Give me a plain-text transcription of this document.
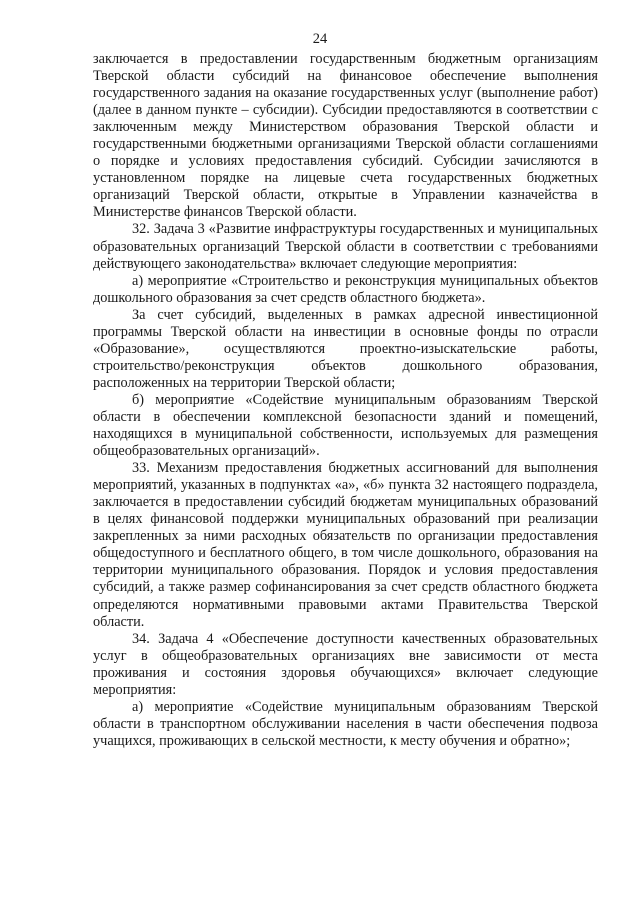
24

заключается в предоставлении государственным бюджетным организациям Тверской области субсидий на финансовое обеспечение выполнения государственного задания на оказание государственных услуг (выполнение работ) (далее в данном пункте – субсидии). Субсидии предоставляются в соответствии с заключенным между Министерством образования Тверской области и государственными бюджетными организациями Тверской области соглашениями о порядке и условиях предоставления субсидий. Субсидии зачисляются в установленном порядке на лицевые счета государственных бюджетных организаций Тверской области, открытые в Управлении казначейства в Министерстве финансов Тверской области.

32. Задача 3 «Развитие инфраструктуры государственных и муниципальных образовательных организаций Тверской области в соответствии с требованиями действующего законодательства» включает следующие мероприятия:

а) мероприятие «Строительство и реконструкция муниципальных объектов дошкольного образования за счет средств областного бюджета».

За счет субсидий, выделенных в рамках адресной инвестиционной программы Тверской области на инвестиции в основные фонды по отрасли «Образование», осуществляются проектно-изыскательские работы, строительство/реконструкция объектов дошкольного образования, расположенных на территории Тверской области;

б) мероприятие «Содействие муниципальным образованиям Тверской области в обеспечении комплексной безопасности зданий и помещений, находящихся в муниципальной собственности, используемых для размещения общеобразовательных организаций».

33. Механизм предоставления бюджетных ассигнований для выполнения мероприятий, указанных в подпунктах «а», «б» пункта 32 настоящего подраздела, заключается в предоставлении субсидий бюджетам муниципальных образований в целях финансовой поддержки муниципальных образований при реализации закрепленных за ними расходных обязательств по организации предоставления общедоступного и бесплатного общего, в том числе дошкольного, образования на территории муниципального образования. Порядок и условия предоставления субсидий, а также размер софинансирования за счет средств областного бюджета определяются нормативными правовыми актами Правительства Тверской области.

34. Задача 4 «Обеспечение доступности качественных образовательных услуг в общеобразовательных организациях вне зависимости от места проживания и состояния здоровья обучающихся» включает следующие мероприятия:

а) мероприятие «Содействие муниципальным образованиям Тверской области в транспортном обслуживании населения в части обеспечения подвоза учащихся, проживающих в сельской местности, к месту обучения и обратно»;
